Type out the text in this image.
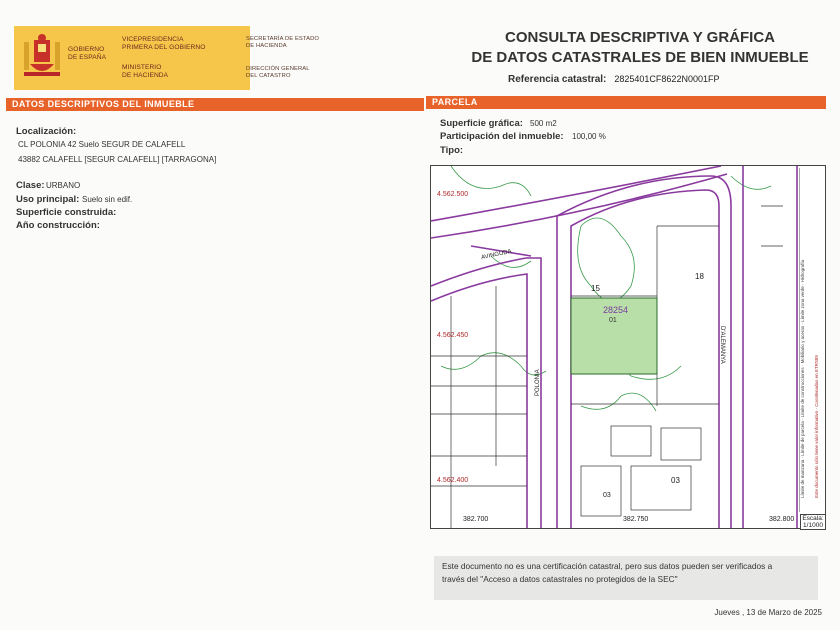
GOBIERNO
DE ESPAÑA
VICEPRESIDENCIA
PRIMERA DEL GOBIERNO
MINISTERIO
DE HACIENDA
SECRETARÍA DE ESTADO
DE HACIENDA
DIRECCIÓN GENERAL
DEL CATASTRO
CONSULTA DESCRIPTIVA Y GRÁFICA
DE DATOS CATASTRALES DE BIEN INMUEBLE
Referencia catastral: 2825401CF8622N0001FP
DATOS DESCRIPTIVOS DEL INMUEBLE
Localización:
CL POLONIA 42 Suelo SEGUR DE CALAFELL
43882 CALAFELL [SEGUR CALAFELL] [TARRAGONA]
Clase: URBANO
Uso principal: Suelo sin edif.
Superficie construida:
Año construcción:
PARCELA
Superficie gráfica: 500 m2
Participación del inmueble: 100,00 %
Tipo:
28254
01
15
18
03
03
4.562.500
4.562.450
4.562.400
382.700	382.750	382.800
POLONIA
D'ALEMANYA
AVINGUDA
Límite de manzana · Límite de parcela · Límite de construcciones · Mobiliario y aceras · Límite zona verde · Hidrografía Este documento sólo tiene valor informativo · Coordenadas en ETRS89
Escala:
1/1000
Este documento no es una certificación catastral, pero sus datos pueden ser verificados a
través del "Acceso a datos catastrales no protegidos de la SEC"
Jueves , 13 de Marzo de 2025
